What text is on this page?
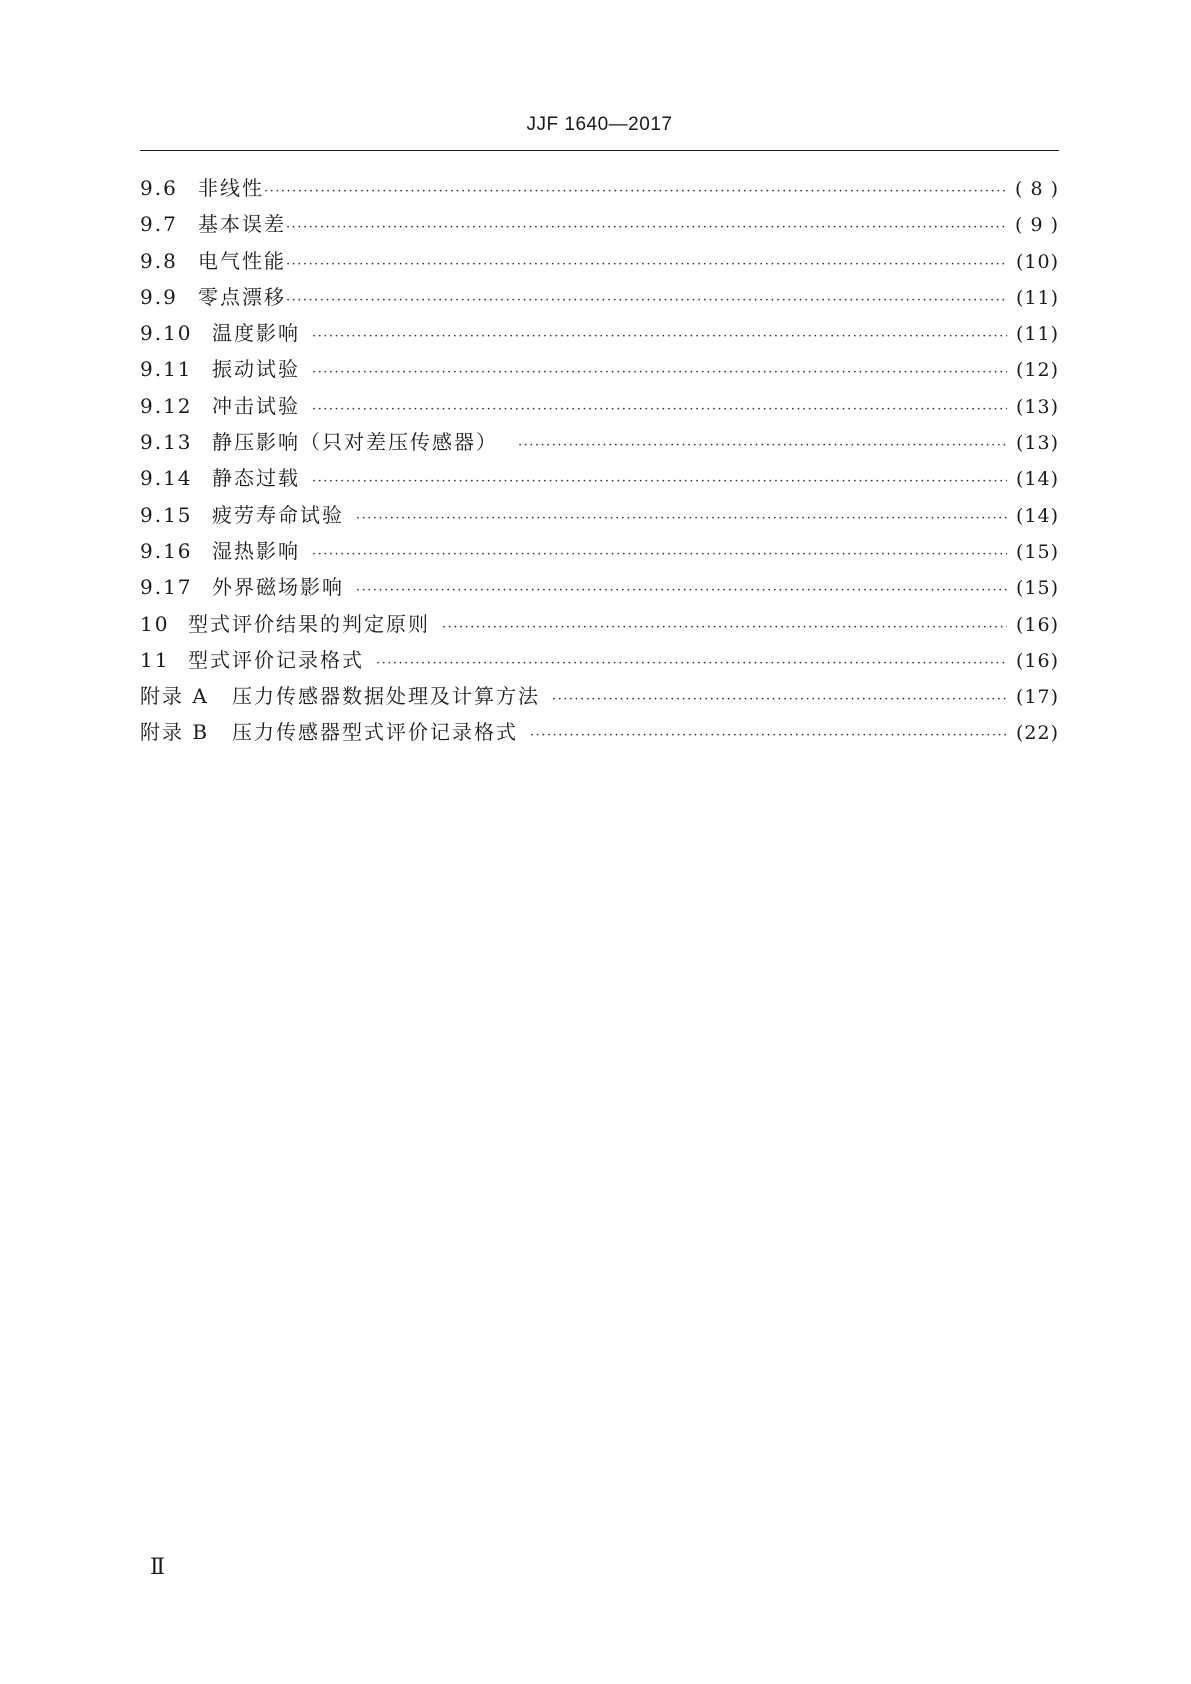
JJF 1640—2017
9.6	非线性 ·····	( 8 )
9.7	基本误差 ·····	( 9 )
9.8	电气性能 ·····	(10)
9.9	零点漂移 ·····	(11)
9.10 温度影响 ·····	(11)
9.11 振动试验 ·····	(12)
9.12 冲击试验 ·····	(13)
9.13 静压影响（只对差压传感器） ·····	(13)
9.14 静态过载 ·····	(14)
9.15 疲劳寿命试验 ·····	(14)
9.16 湿热影响 ·····	(15)
9.17 外界磁场影响 ·····	(15)
10 型式评价结果的判定原则 ·····	(16)
11 型式评价记录格式 ·····	(16)
附录 A	压力传感器数据处理及计算方法 ·····	(17)
附录 B	压力传感器型式评价记录格式 ·····	(22)
Ⅱ
